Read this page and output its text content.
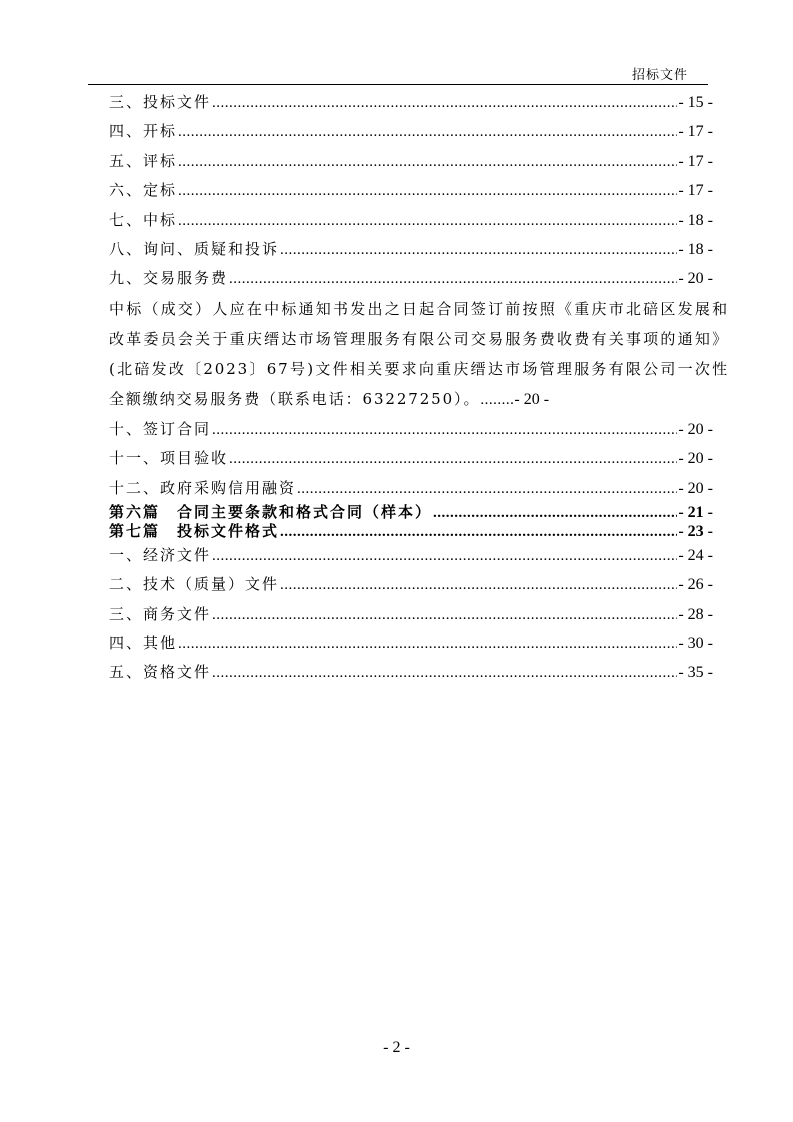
招标文件
三、投标文件 .....	- 15 -
四、开标 .....	- 17 -
五、评标 .....	- 17 -
六、定标 .....	- 17 -
七、中标 .....	- 18 -
八、询问、质疑和投诉 .....	- 18 -
九、交易服务费 .....	- 20 -
中标（成交）人应在中标通知书发出之日起合同签订前按照《重庆市北碚区发展和改革委员会关于重庆缙达市场管理服务有限公司交易服务费收费有关事项的通知》(北碚发改〔2023〕67号)文件相关要求向重庆缙达市场管理服务有限公司一次性全额缴纳交易服务费（联系电话：63227250）。........- 20 -
十、签订合同 .....	- 20 -
十一、项目验收 .....	- 20 -
十二、政府采购信用融资 .....	- 20 -
第六篇　合同主要条款和格式合同（样本） .....	- 21 -
第七篇　投标文件格式 .....	- 23 -
一、经济文件 .....	- 24 -
二、技术（质量）文件 .....	- 26 -
三、商务文件 .....	- 28 -
四、其他 .....	- 30 -
五、资格文件 .....	- 35 -
- 2 -
